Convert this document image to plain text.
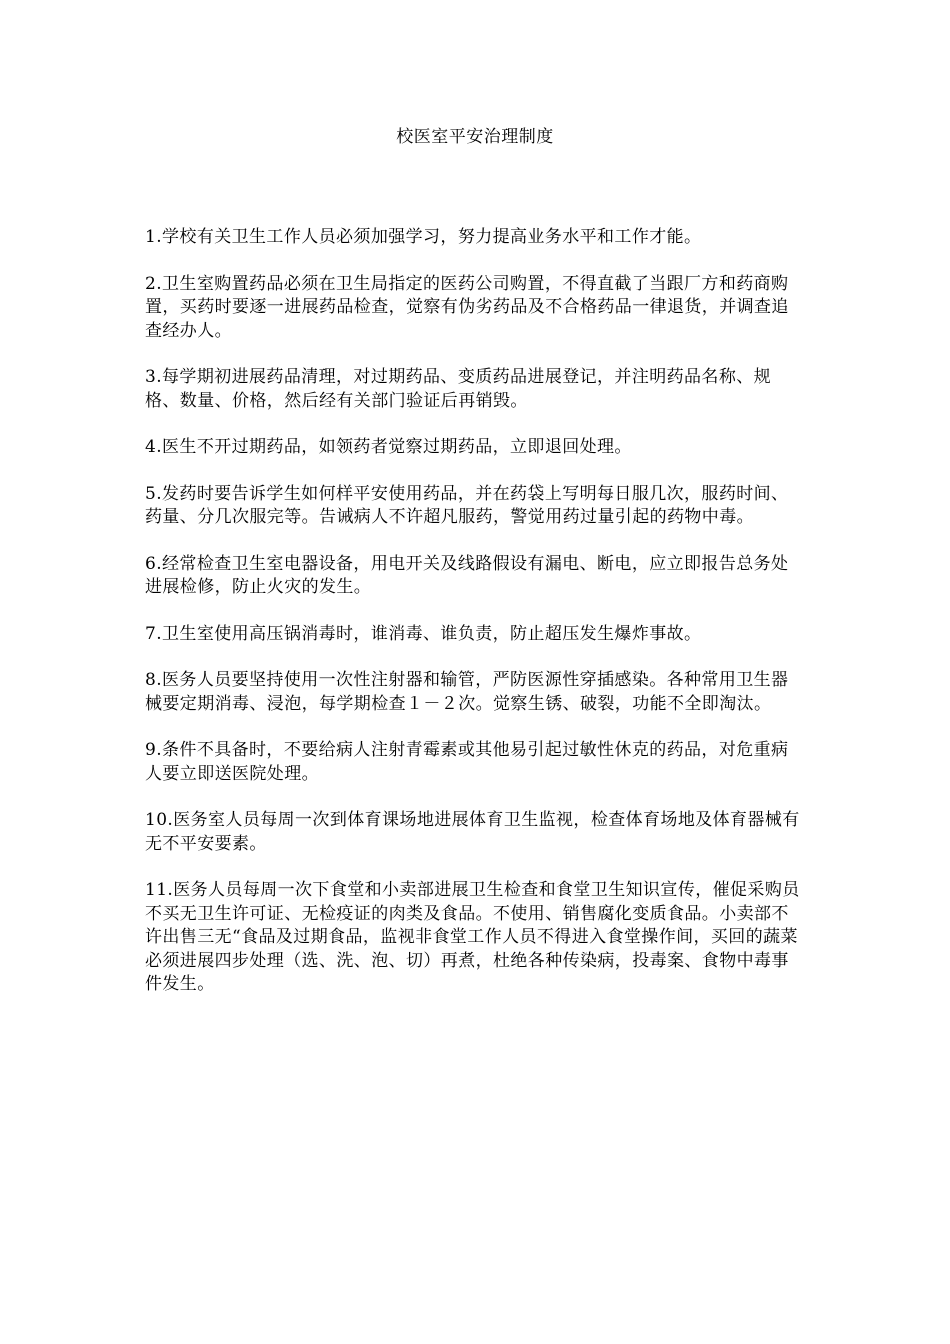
校医室平安治理制度

1.学校有关卫生工作人员必须加强学习，努力提高业务水平和工作才能。

2.卫生室购置药品必须在卫生局指定的医药公司购置，不得直截了当跟厂方和药商购置，买药时要逐一进展药品检查，觉察有伪劣药品及不合格药品一律退货，并调查追查经办人。

3.每学期初进展药品清理，对过期药品、变质药品进展登记，并注明药品名称、规格、数量、价格，然后经有关部门验证后再销毁。

4.医生不开过期药品，如领药者觉察过期药品，立即退回处理。

5.发药时要告诉学生如何样平安使用药品，并在药袋上写明每日服几次，服药时间、药量、分几次服完等。告诫病人不许超凡服药，警觉用药过量引起的药物中毒。

6.经常检查卫生室电器设备，用电开关及线路假设有漏电、断电，应立即报告总务处进展检修，防止火灾的发生。

7.卫生室使用高压锅消毒时，谁消毒、谁负责，防止超压发生爆炸事故。

8.医务人员要坚持使用一次性注射器和输管，严防医源性穿插感染。各种常用卫生器械要定期消毒、浸泡，每学期检查１－２次。觉察生锈、破裂，功能不全即淘汰。

9.条件不具备时，不要给病人注射青霉素或其他易引起过敏性休克的药品，对危重病人要立即送医院处理。

10.医务室人员每周一次到体育课场地进展体育卫生监视，检查体育场地及体育器械有无不平安要素。

11.医务人员每周一次下食堂和小卖部进展卫生检查和食堂卫生知识宣传，催促采购员不买无卫生许可证、无检疫证的肉类及食品。不使用、销售腐化变质食品。小卖部不许出售三无“食品及过期食品，监视非食堂工作人员不得进入食堂操作间，买回的蔬菜必须进展四步处理（选、洗、泡、切）再煮，杜绝各种传染病，投毒案、食物中毒事件发生。
